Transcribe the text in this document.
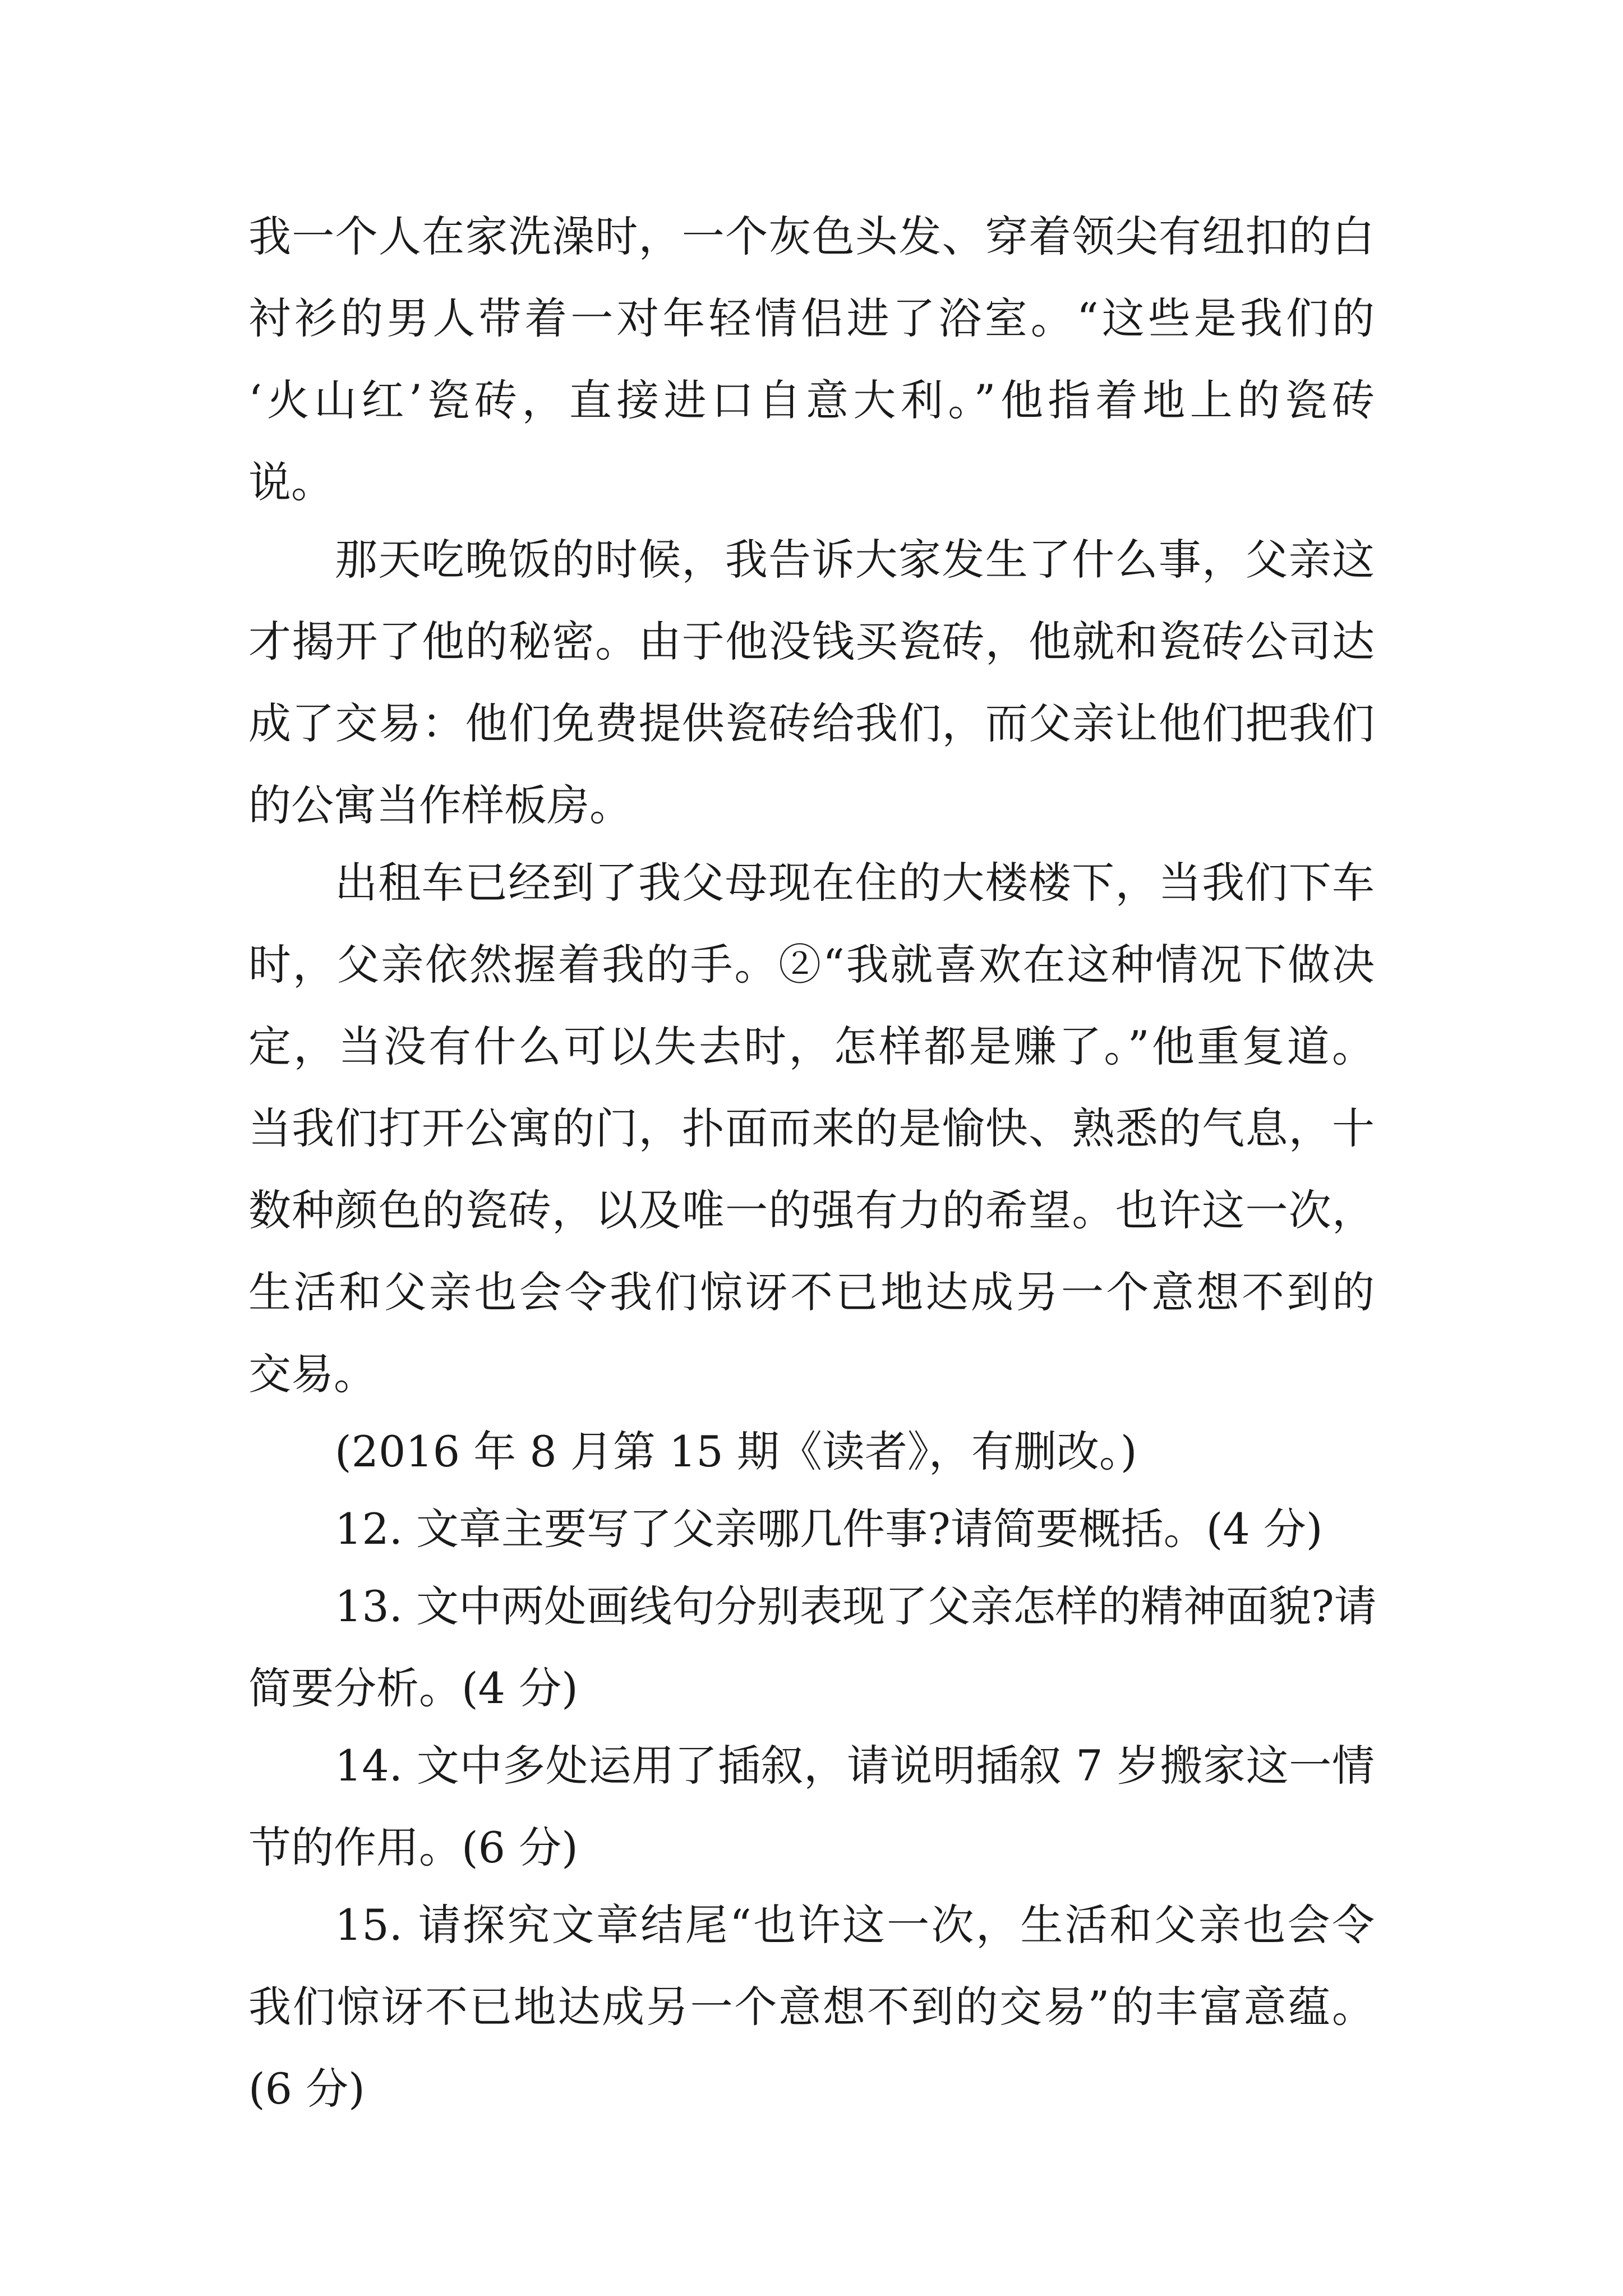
我一个人在家洗澡时，一个灰色头发、穿着领尖有纽扣的白
衬衫的男人带着一对年轻情侣进了浴室。“这些是我们的
‘火山红’瓷砖，直接进口自意大利。”他指着地上的瓷砖
说。
那天吃晚饭的时候，我告诉大家发生了什么事，父亲这
才揭开了他的秘密。由于他没钱买瓷砖，他就和瓷砖公司达
成了交易：他们免费提供瓷砖给我们，而父亲让他们把我们
的公寓当作样板房。
出租车已经到了我父母现在住的大楼楼下，当我们下车
时，父亲依然握着我的手。②“我就喜欢在这种情况下做决
定，当没有什么可以失去时，怎样都是赚了。”他重复道。
当我们打开公寓的门，扑面而来的是愉快、熟悉的气息，十
数种颜色的瓷砖，以及唯一的强有力的希望。也许这一次，
生活和父亲也会令我们惊讶不已地达成另一个意想不到的
交易。
(2016 年 8 月第 15 期《读者》，有删改。)
12. 文章主要写了父亲哪几件事?请简要概括。(4 分)
13. 文中两处画线句分别表现了父亲怎样的精神面貌?请
简要分析。(4 分)
14. 文中多处运用了插叙，请说明插叙 7 岁搬家这一情
节的作用。(6 分)
15. 请探究文章结尾“也许这一次，生活和父亲也会令
我们惊讶不已地达成另一个意想不到的交易”的丰富意蕴。
(6 分)
